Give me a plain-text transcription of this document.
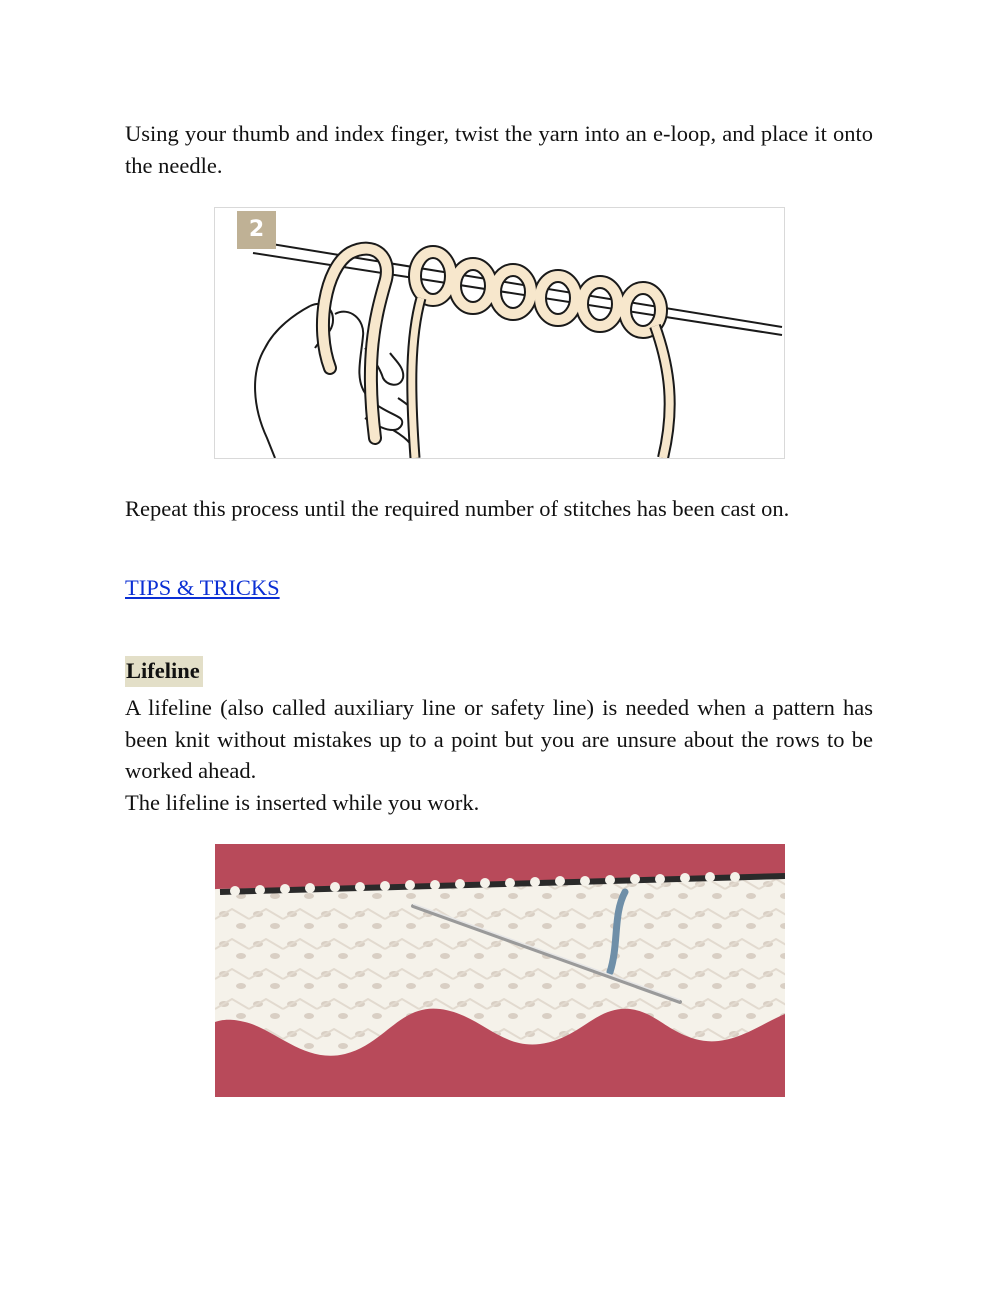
Using your thumb and index finger, twist the yarn into an e-loop, and place it onto the needle.
2
Repeat this process until the required number of stitches has been cast on.
TIPS & TRICKS
Lifeline
A lifeline (also called auxiliary line or safety line) is needed when a pattern has been knit without mistakes up to a point but you are unsure about the rows to be worked ahead.
The lifeline is inserted while you work.
